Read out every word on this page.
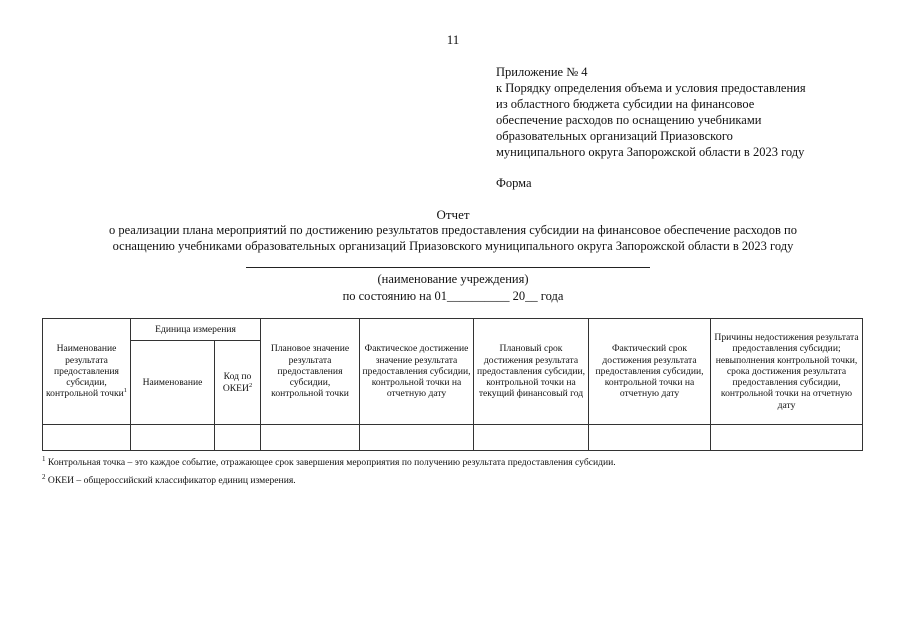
11
Приложение № 4
к Порядку определения объема и условия предоставления
из областного бюджета субсидии на финансовое
обеспечение расходов по оснащению учебниками
образовательных организаций Приазовского
муниципального округа Запорожской области в 2023 году
Форма
Отчет
о реализации плана мероприятий по достижению результатов предоставления субсидии на финансовое обеспечение расходов по
оснащению учебниками образовательных организаций Приазовского муниципального округа Запорожской области в 2023 году
(наименование учреждения)
по состоянию на 01__________ 20__ года
Наименование результата предоставления субсидии, контрольной точки$^1$	Единица измерения		Плановое значение результата предоставления субсидии, контрольной точки	Фактическое достижение значение результата предоставления субсидии, контрольной точки на отчетную дату	Плановый срок достижения результата предоставления субсидии, контрольной точки на текущий финансовый год	Фактический срок достижения результата предоставления субсидии, контрольной точки на отчетную дату	Причины недостижения результата предоставления субсидии; невыполнения контрольной точки, срока достижения результата предоставления субсидии, контрольной точки на отчетную дату
	Наименование	Код по ОКЕИ$^2$

$^1$ Контрольная точка – это каждое событие, отражающее срок завершения мероприятия по получению результата предоставления субсидии.
$^2$ ОКЕИ – общероссийский классификатор единиц измерения.
